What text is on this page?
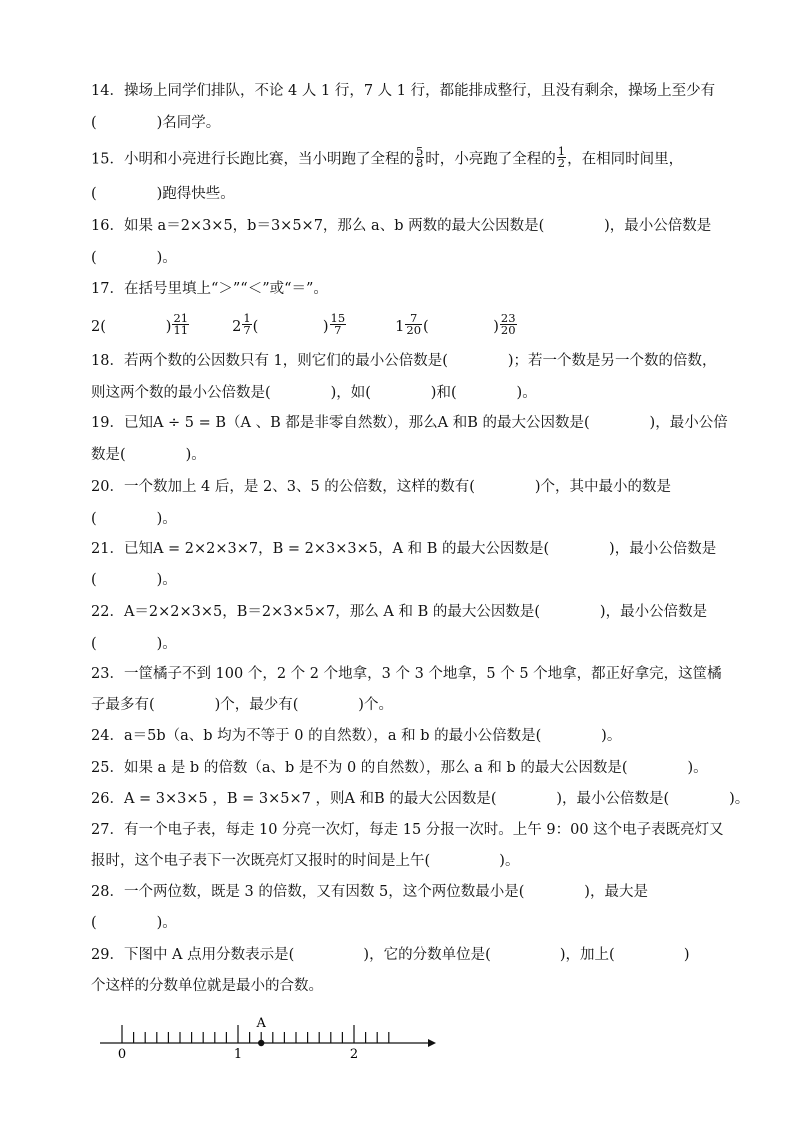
14．操场上同学们排队，不论 4 人 1 行，7 人 1 行，都能排成整行，且没有剩余，操场上至少有
(             )名同学。
15．小明和小亮进行长跑比赛，当小明跑了全程的 $\frac{5}{8}$ 时，小亮跑了全程的 $\frac{1}{2}$ ，在相同时间里，
(             )跑得快些。
16．如果 a＝2×3×5，b＝3×5×7，那么 a、b 两数的最大公因数是(             )，最小公倍数是
(             )。
17．在括号里填上“＞”“＜”或“＝”。
2(             ) $\frac{21}{11}$	$2 \frac{1}{7}$ (              ) $\frac{15}{7}$	$1 \frac{7}{20}$ (              ) $\frac{23}{20}$
18．若两个数的公因数只有 1，则它们的最小公倍数是(             )；若一个数是另一个数的倍数，
则这两个数的最小公倍数是(             )，如(             )和(             )。
19．已知A ÷ 5 = B（A 、B 都是非零自然数），那么A 和B 的最大公因数是(             )，最小公倍
数是(             )。
20．一个数加上 4 后，是 2、3、5 的公倍数，这样的数有(             )个，其中最小的数是
(             )。
21．已知A = 2×2×3×7，B = 2×3×3×5，A 和 B 的最大公因数是(             )，最小公倍数是
(             )。
22．A＝2×2×3×5，B＝2×3×5×7，那么 A 和 B 的最大公因数是(             )，最小公倍数是
(             )。
23．一筐橘子不到 100 个，2 个 2 个地拿，3 个 3 个地拿，5 个 5 个地拿，都正好拿完，这筐橘
子最多有(             )个，最少有(             )个。
24．a＝5b（a、b 均为不等于 0 的自然数），a 和 b 的最小公倍数是(             )。
25．如果 a 是 b 的倍数（a、b 是不为 0 的自然数），那么 a 和 b 的最大公因数是(             )。
26．A = 3×3×5 ，B = 3×5×7 ，则A 和B 的最大公因数是(             )，最小公倍数是(             )。
27．有一个电子表，每走 10 分亮一次灯，每走 15 分报一次时。上午 9：00 这个电子表既亮灯又
报时，这个电子表下一次既亮灯又报时的时间是上午(               )。
28．一个两位数，既是 3 的倍数，又有因数 5，这个两位数最小是(             )，最大是
(             )。
29．下图中 A 点用分数表示是(               )，它的分数单位是(               )，加上(               )
个这样的分数单位就是最小的合数。
0	1	2
A
